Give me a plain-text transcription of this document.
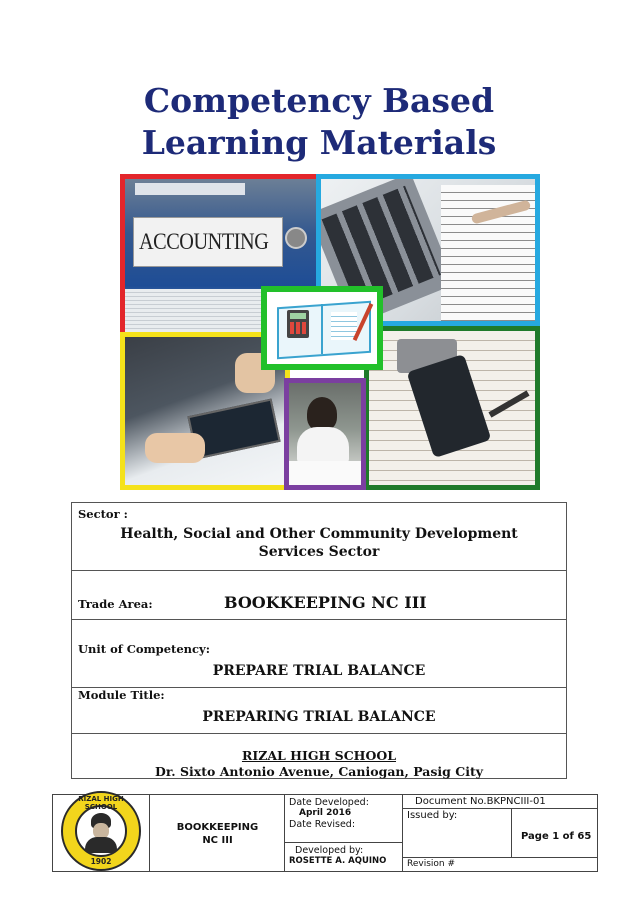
Competency Based
Learning Materials
ACCOUNTING
Sector :
Health, Social and Other Community Development
Services Sector
Trade Area:	BOOKKEEPING NC III
Unit of Competency:
PREPARE TRIAL BALANCE
Module Title:
PREPARING TRIAL BALANCE
RIZAL HIGH SCHOOL
Dr. Sixto Antonio Avenue, Caniogan, Pasig City
RIZAL HIGH SCHOOL
1902
BOOKKEEPING
NC III
Date Developed:
April 2016
Date Revised:
Developed by:
ROSETTE A. AQUINO
Document No.BKPNCIII-01
Issued by:
Page 1 of 65
Revision #
